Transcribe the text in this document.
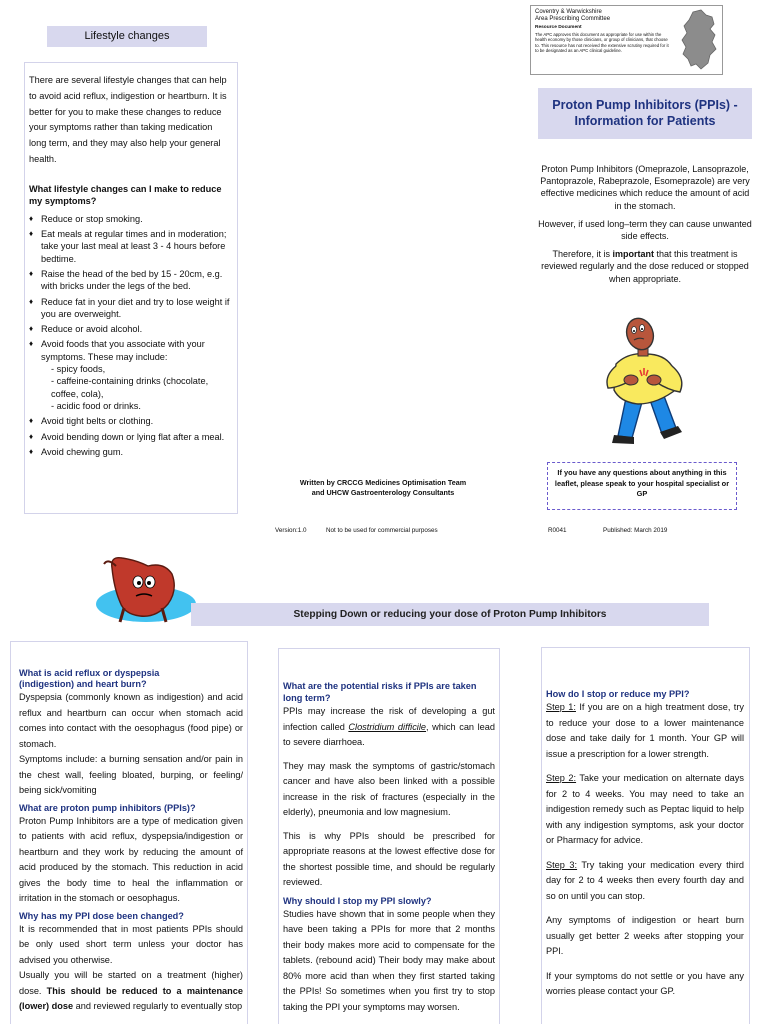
Lifestyle changes

There are several lifestyle changes that can help to avoid acid reflux, indigestion or heartburn. It is better for you to make these changes to reduce your symptoms rather than taking medication long term, and they may also help your general health.

What lifestyle changes can I make to reduce my symptoms?

♦ Reduce or stop smoking.
♦ Eat meals at regular times and in moderation; take your last meal at least 3 - 4 hours before bedtime.
♦ Raise the head of the bed by 15 - 20cm, e.g. with bricks under the legs of the bed.
♦ Reduce fat in your diet and try to lose weight if you are overweight.
♦ Reduce or avoid alcohol.
♦ Avoid foods that you associate with your symptoms. These may include:
- spicy foods,
- caffeine-containing drinks (chocolate, coffee, cola),
- acidic food or drinks.
♦ Avoid tight belts or clothing.
♦ Avoid bending down or lying flat after a meal.
♦ Avoid chewing gum.
Written by CRCCG Medicines Optimisation Team
and UHCW Gastroenterology Consultants
Version:1.0	Not to be used for commercial purposes	R0041	Published: March 2019
Coventry & Warwickshire
Area Prescribing Committee
Resource Document
The APC approves this document as appropriate for use within the health economy by those clinicians, or group of clinicians, that choose to. This resource has not received the extensive scrutiny required for it to be designated as an APC clinical guideline.
Proton Pump Inhibitors (PPIs) -
Information for Patients

Proton Pump Inhibitors (Omeprazole, Lansoprazole, Pantoprazole, Rabeprazole, Esomeprazole) are very effective medicines which reduce the amount of acid in the stomach.

However, if used long–term they can cause unwanted side effects.

Therefore, it is important that this treatment is reviewed regularly and the dose reduced or stopped when appropriate.

If you have any questions about anything in this leaflet, please speak to your hospital specialist or GP
Stepping Down or reducing your dose of Proton Pump Inhibitors

What is acid reflux or dyspepsia (indigestion) and heart burn?

Dyspepsia (commonly known as indigestion) and acid reflux and heartburn can occur when stomach acid comes into contact with the oesophagus (food pipe) or stomach.

Symptoms include: a burning sensation and/or pain in the chest wall, feeling bloated, burping, or feeling/ being sick/vomiting

What are proton pump inhibitors (PPIs)?

Proton Pump Inhibitors are a type of medication given to patients with acid reflux, dyspepsia/indigestion or heartburn and they work by reducing the amount of acid produced by the stomach. This reduction in acid gives the body time to heal the inflammation or irritation in the stomach or oesophagus.

Why has my PPI dose been changed?

It is recommended that in most patients PPIs should be only used short term unless your doctor has advised you otherwise.

Usually you will be started on a treatment (higher) dose. This should be reduced to a maintenance (lower) dose and reviewed regularly to eventually stop

What are the potential risks if PPIs are taken long term?

PPIs may increase the risk of developing a gut infection called Clostridium difficile, which can lead to severe diarrhoea.

They may mask the symptoms of gastric/stomach cancer and have also been linked with a possible increase in the risk of fractures (especially in the elderly), pneumonia and low magnesium.

This is why PPIs should be prescribed for appropriate reasons at the lowest effective dose for the shortest possible time, and should be regularly reviewed.

Why should I stop my PPI slowly?

Studies have shown that in some people when they have been taking a PPIs for more that 2 months their body makes more acid to compensate for the tablets. (rebound acid) Their body may make about 80% more acid than when they first started taking the PPIs! So sometimes when you first try to stop taking the PPI your symptoms may worsen.

How do I stop or reduce my PPI?

Step 1: If you are on a high treatment dose, try to reduce your dose to a lower maintenance dose and take daily for 1 month. Your GP will issue a prescription for a lower strength.

Step 2: Take your medication on alternate days for 2 to 4 weeks. You may need to take an indigestion remedy such as Peptac liquid to help with any indigestion symptoms, ask your doctor or Pharmacy for advice.

Step 3: Try taking your medication every third day for 2 to 4 weeks then every fourth day and so on until you can stop.

Any symptoms of indigestion or heart burn usually get better 2 weeks after stopping your PPI.

If your symptoms do not settle or you have any worries please contact your GP.
